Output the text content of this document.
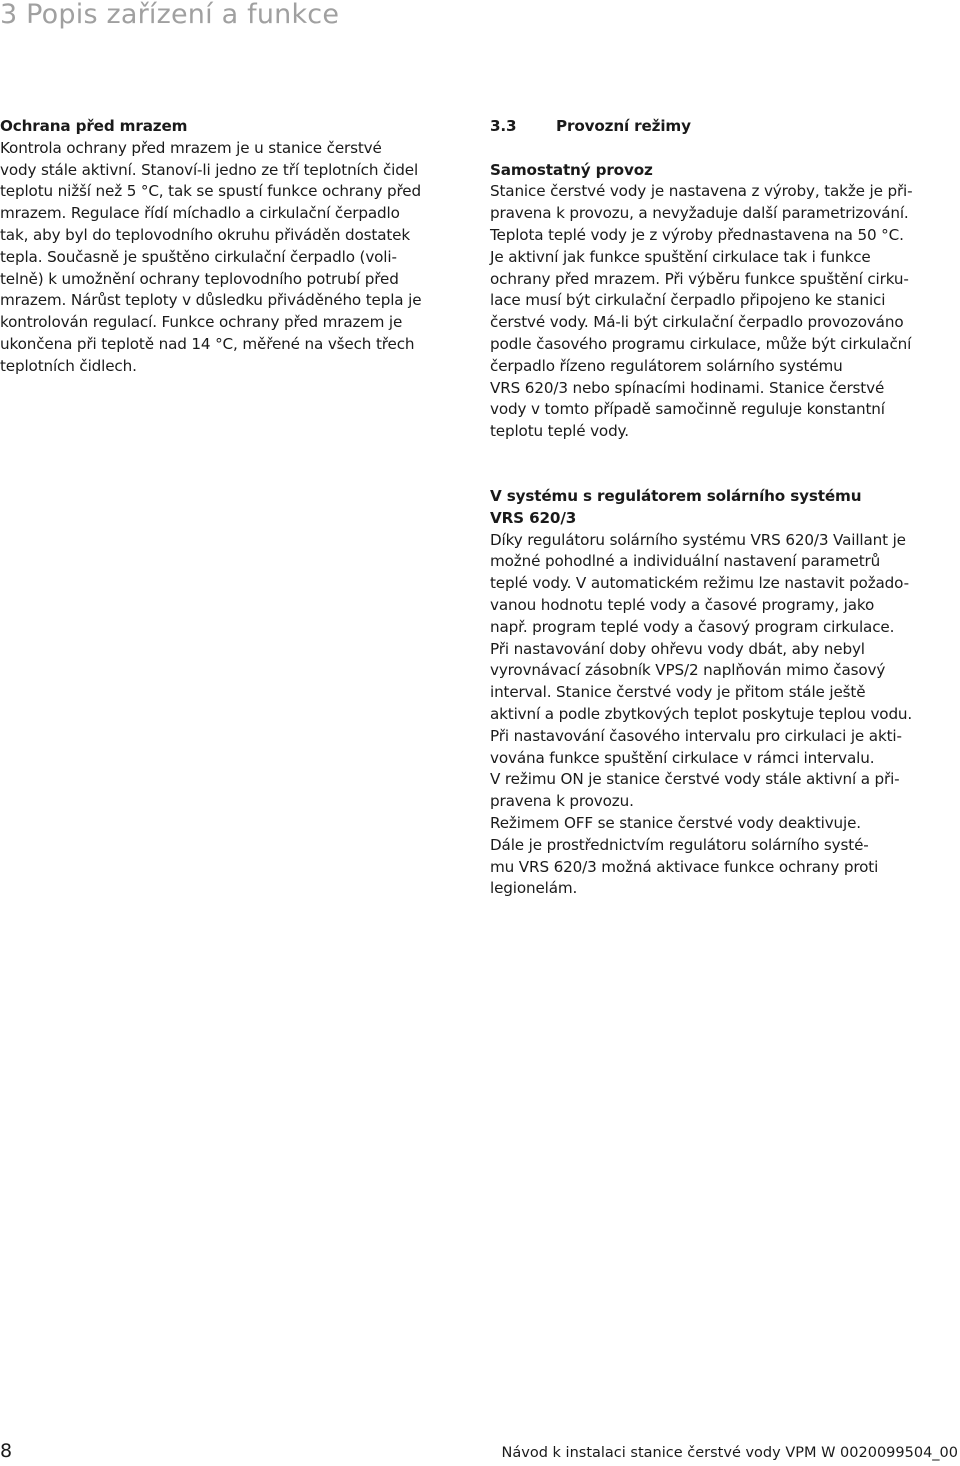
3 Popis zařízení a funkce

Ochrana před mrazem

Kontrola ochrany před mrazem je u stanice čerstvé

vody stále aktivní. Stanoví-li jedno ze tří teplotních čidel

teplotu nižší než 5 °C, tak se spustí funkce ochrany před

mrazem. Regulace řídí míchadlo a cirkulační čerpadlo

tak, aby byl do teplovodního okruhu přiváděn dostatek

tepla. Současně je spuštěno cirkulační čerpadlo (voli-

telně) k umožnění ochrany teplovodního potrubí před

mrazem. Nárůst teploty v důsledku přiváděného tepla je

kontrolován regulací. Funkce ochrany před mrazem je

ukončena při teplotě nad 14 °C, měřené na všech třech

teplotních čidlech.

3.3	Provozní režimy

Samostatný provoz

Stanice čerstvé vody je nastavena z výroby, takže je při-

pravena k provozu, a nevyžaduje další parametrizování.

Teplota teplé vody je z výroby přednastavena na 50 °C.

Je aktivní jak funkce spuštění cirkulace tak i funkce

ochrany před mrazem. Při výběru funkce spuštění cirku-

lace musí být cirkulační čerpadlo připojeno ke stanici

čerstvé vody. Má-li být cirkulační čerpadlo provozováno

podle časového programu cirkulace, může být cirkulační

čerpadlo řízeno regulátorem solárního systému

VRS 620/3 nebo spínacími hodinami. Stanice čerstvé

vody v tomto případě samočinně reguluje konstantní

teplotu teplé vody.

V systému s regulátorem solárního systému

VRS 620/3

Díky regulátoru solárního systému VRS 620/3 Vaillant je

možné pohodlné a individuální nastavení parametrů

teplé vody. V automatickém režimu lze nastavit požado-

vanou hodnotu teplé vody a časové programy, jako

např. program teplé vody a časový program cirkulace.

Při nastavování doby ohřevu vody dbát, aby nebyl

vyrovnávací zásobník VPS/2 naplňován mimo časový

interval. Stanice čerstvé vody je přitom stále ještě

aktivní a podle zbytkových teplot poskytuje teplou vodu.

Při nastavování časového intervalu pro cirkulaci je akti-

vována funkce spuštění cirkulace v rámci intervalu.

V režimu ON je stanice čerstvé vody stále aktivní a při-

pravena k provozu.

Režimem OFF se stanice čerstvé vody deaktivuje.

Dále je prostřednictvím regulátoru solárního systé-

mu VRS 620/3 možná aktivace funkce ochrany proti

legionelám.

8	Návod k instalaci stanice čerstvé vody VPM W 0020099504_00
